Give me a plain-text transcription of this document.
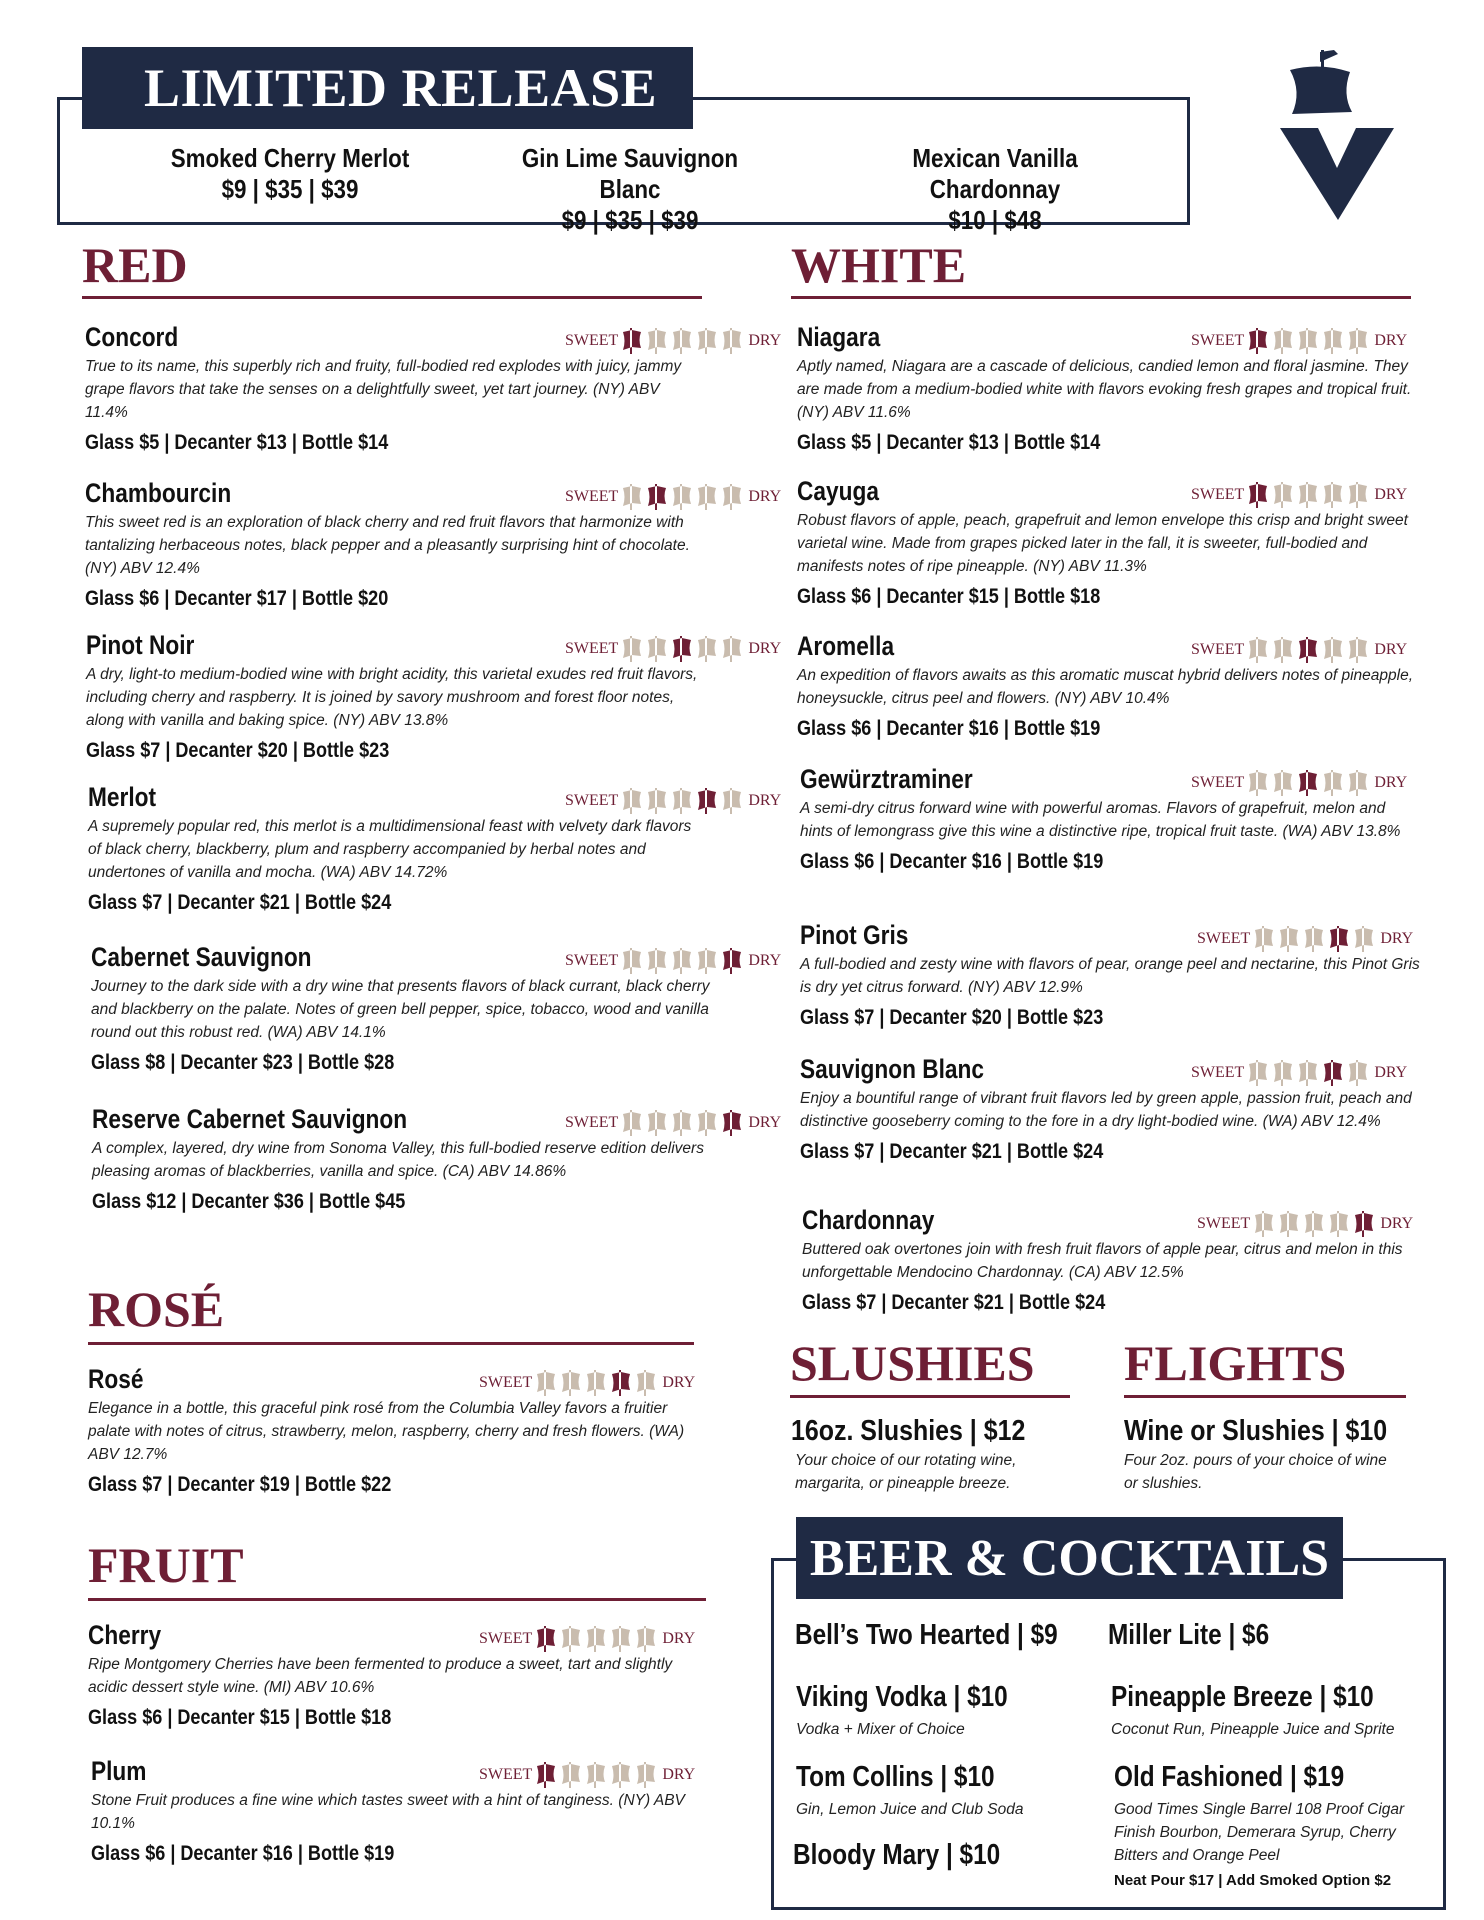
LIMITED RELEASE
Smoked Cherry Merlot
$9 | $35 | $39
Gin Lime Sauvignon Blanc
$9 | $35 | $39
Mexican Vanilla Chardonnay
$10 | $48
RED	WHITE
ROSÉ
FRUIT
Concord	SWEET	DRY
True to its name, this superbly rich and fruity, full-bodied red explodes with juicy, jammy grape flavors that take the senses on a delightfully sweet, yet tart journey. (NY) ABV 11.4%
Glass $5 | Decanter $13 | Bottle $14
Chambourcin	SWEET	DRY
This sweet red is an exploration of black cherry and red fruit flavors that harmonize with tantalizing herbaceous notes, black pepper and a pleasantly surprising hint of chocolate. (NY) ABV 12.4%
Glass $6 | Decanter $17 | Bottle $20
Pinot Noir	SWEET	DRY
A dry, light-to medium-bodied wine with bright acidity, this varietal exudes red fruit flavors, including cherry and raspberry. It is joined by savory mushroom and forest floor notes, along with vanilla and baking spice. (NY) ABV 13.8%
Glass $7 | Decanter $20 | Bottle $23
Merlot	SWEET	DRY
A supremely popular red, this merlot is a multidimensional feast with velvety dark flavors of black cherry, blackberry, plum and raspberry accompanied by herbal notes and undertones of vanilla and mocha. (WA) ABV 14.72%
Glass $7 | Decanter $21 | Bottle $24
Cabernet Sauvignon	SWEET	DRY
Journey to the dark side with a dry wine that presents flavors of black currant, black cherry and blackberry on the palate. Notes of green bell pepper, spice, tobacco, wood and vanilla round out this robust red. (WA) ABV 14.1%
Glass $8 | Decanter $23 | Bottle $28
Reserve Cabernet Sauvignon	SWEET	DRY
A complex, layered, dry wine from Sonoma Valley, this full-bodied reserve edition delivers pleasing aromas of blackberries, vanilla and spice. (CA) ABV 14.86%
Glass $12 | Decanter $36 | Bottle $45
Niagara	SWEET	DRY
Aptly named, Niagara are a cascade of delicious, candied lemon and floral jasmine. They are made from a medium-bodied white with flavors evoking fresh grapes and tropical fruit. (NY) ABV 11.6%
Glass $5 | Decanter $13 | Bottle $14
Cayuga	SWEET	DRY
Robust flavors of apple, peach, grapefruit and lemon envelope this crisp and bright sweet varietal wine. Made from grapes picked later in the fall, it is sweeter, full-bodied and manifests notes of ripe pineapple. (NY) ABV 11.3%
Glass $6 | Decanter $15 | Bottle $18
Aromella	SWEET	DRY
An expedition of flavors awaits as this aromatic muscat hybrid delivers notes of pineapple, honeysuckle, citrus peel and flowers. (NY) ABV 10.4%
Glass $6 | Decanter $16 | Bottle $19
Gewürztraminer	SWEET	DRY
A semi-dry citrus forward wine with powerful aromas. Flavors of grapefruit, melon and hints of lemongrass give this wine a distinctive ripe, tropical fruit taste. (WA) ABV 13.8%
Glass $6 | Decanter $16 | Bottle $19
Pinot Gris	SWEET	DRY
A full-bodied and zesty wine with flavors of pear, orange peel and nectarine, this Pinot Gris is dry yet citrus forward. (NY) ABV 12.9%
Glass $7 | Decanter $20 | Bottle $23
Sauvignon Blanc	SWEET	DRY
Enjoy a bountiful range of vibrant fruit flavors led by green apple, passion fruit, peach and distinctive gooseberry coming to the fore in a dry light-bodied wine. (WA) ABV 12.4%
Glass $7 | Decanter $21 | Bottle $24
Chardonnay	SWEET	DRY
Buttered oak overtones join with fresh fruit flavors of apple pear, citrus and melon in this unforgettable Mendocino Chardonnay. (CA) ABV 12.5%
Glass $7 | Decanter $21 | Bottle $24
Rosé	SWEET	DRY
Elegance in a bottle, this graceful pink rosé from the Columbia Valley favors a fruitier palate with notes of citrus, strawberry, melon, raspberry, cherry and fresh flowers. (WA) ABV 12.7%
Glass $7 | Decanter $19 | Bottle $22
Cherry	SWEET	DRY
Ripe Montgomery Cherries have been fermented to produce a sweet, tart and slightly acidic dessert style wine. (MI) ABV 10.6%
Glass $6 | Decanter $15 | Bottle $18
Plum	SWEET	DRY
Stone Fruit produces a fine wine which tastes sweet with a hint of tanginess. (NY) ABV 10.1%
Glass $6 | Decanter $16 | Bottle $19
SLUSHIES
16oz. Slushies | $12
Your choice of our rotating wine, margarita, or pineapple breeze.
FLIGHTS
Wine or Slushies | $10
Four 2oz. pours of your choice of wine or slushies.
BEER & COCKTAILS
Bell’s Two Hearted | $9 Miller Lite | $6
Viking Vodka | $10
Vodka + Mixer of Choice
Pineapple Breeze | $10
Coconut Run, Pineapple Juice and Sprite
Tom Collins | $10
Gin, Lemon Juice and Club Soda
Old Fashioned | $19
Good Times Single Barrel 108 Proof Cigar Finish Bourbon, Demerara Syrup, Cherry Bitters and Orange Peel
Neat Pour $17 | Add Smoked Option $2
Bloody Mary | $10
